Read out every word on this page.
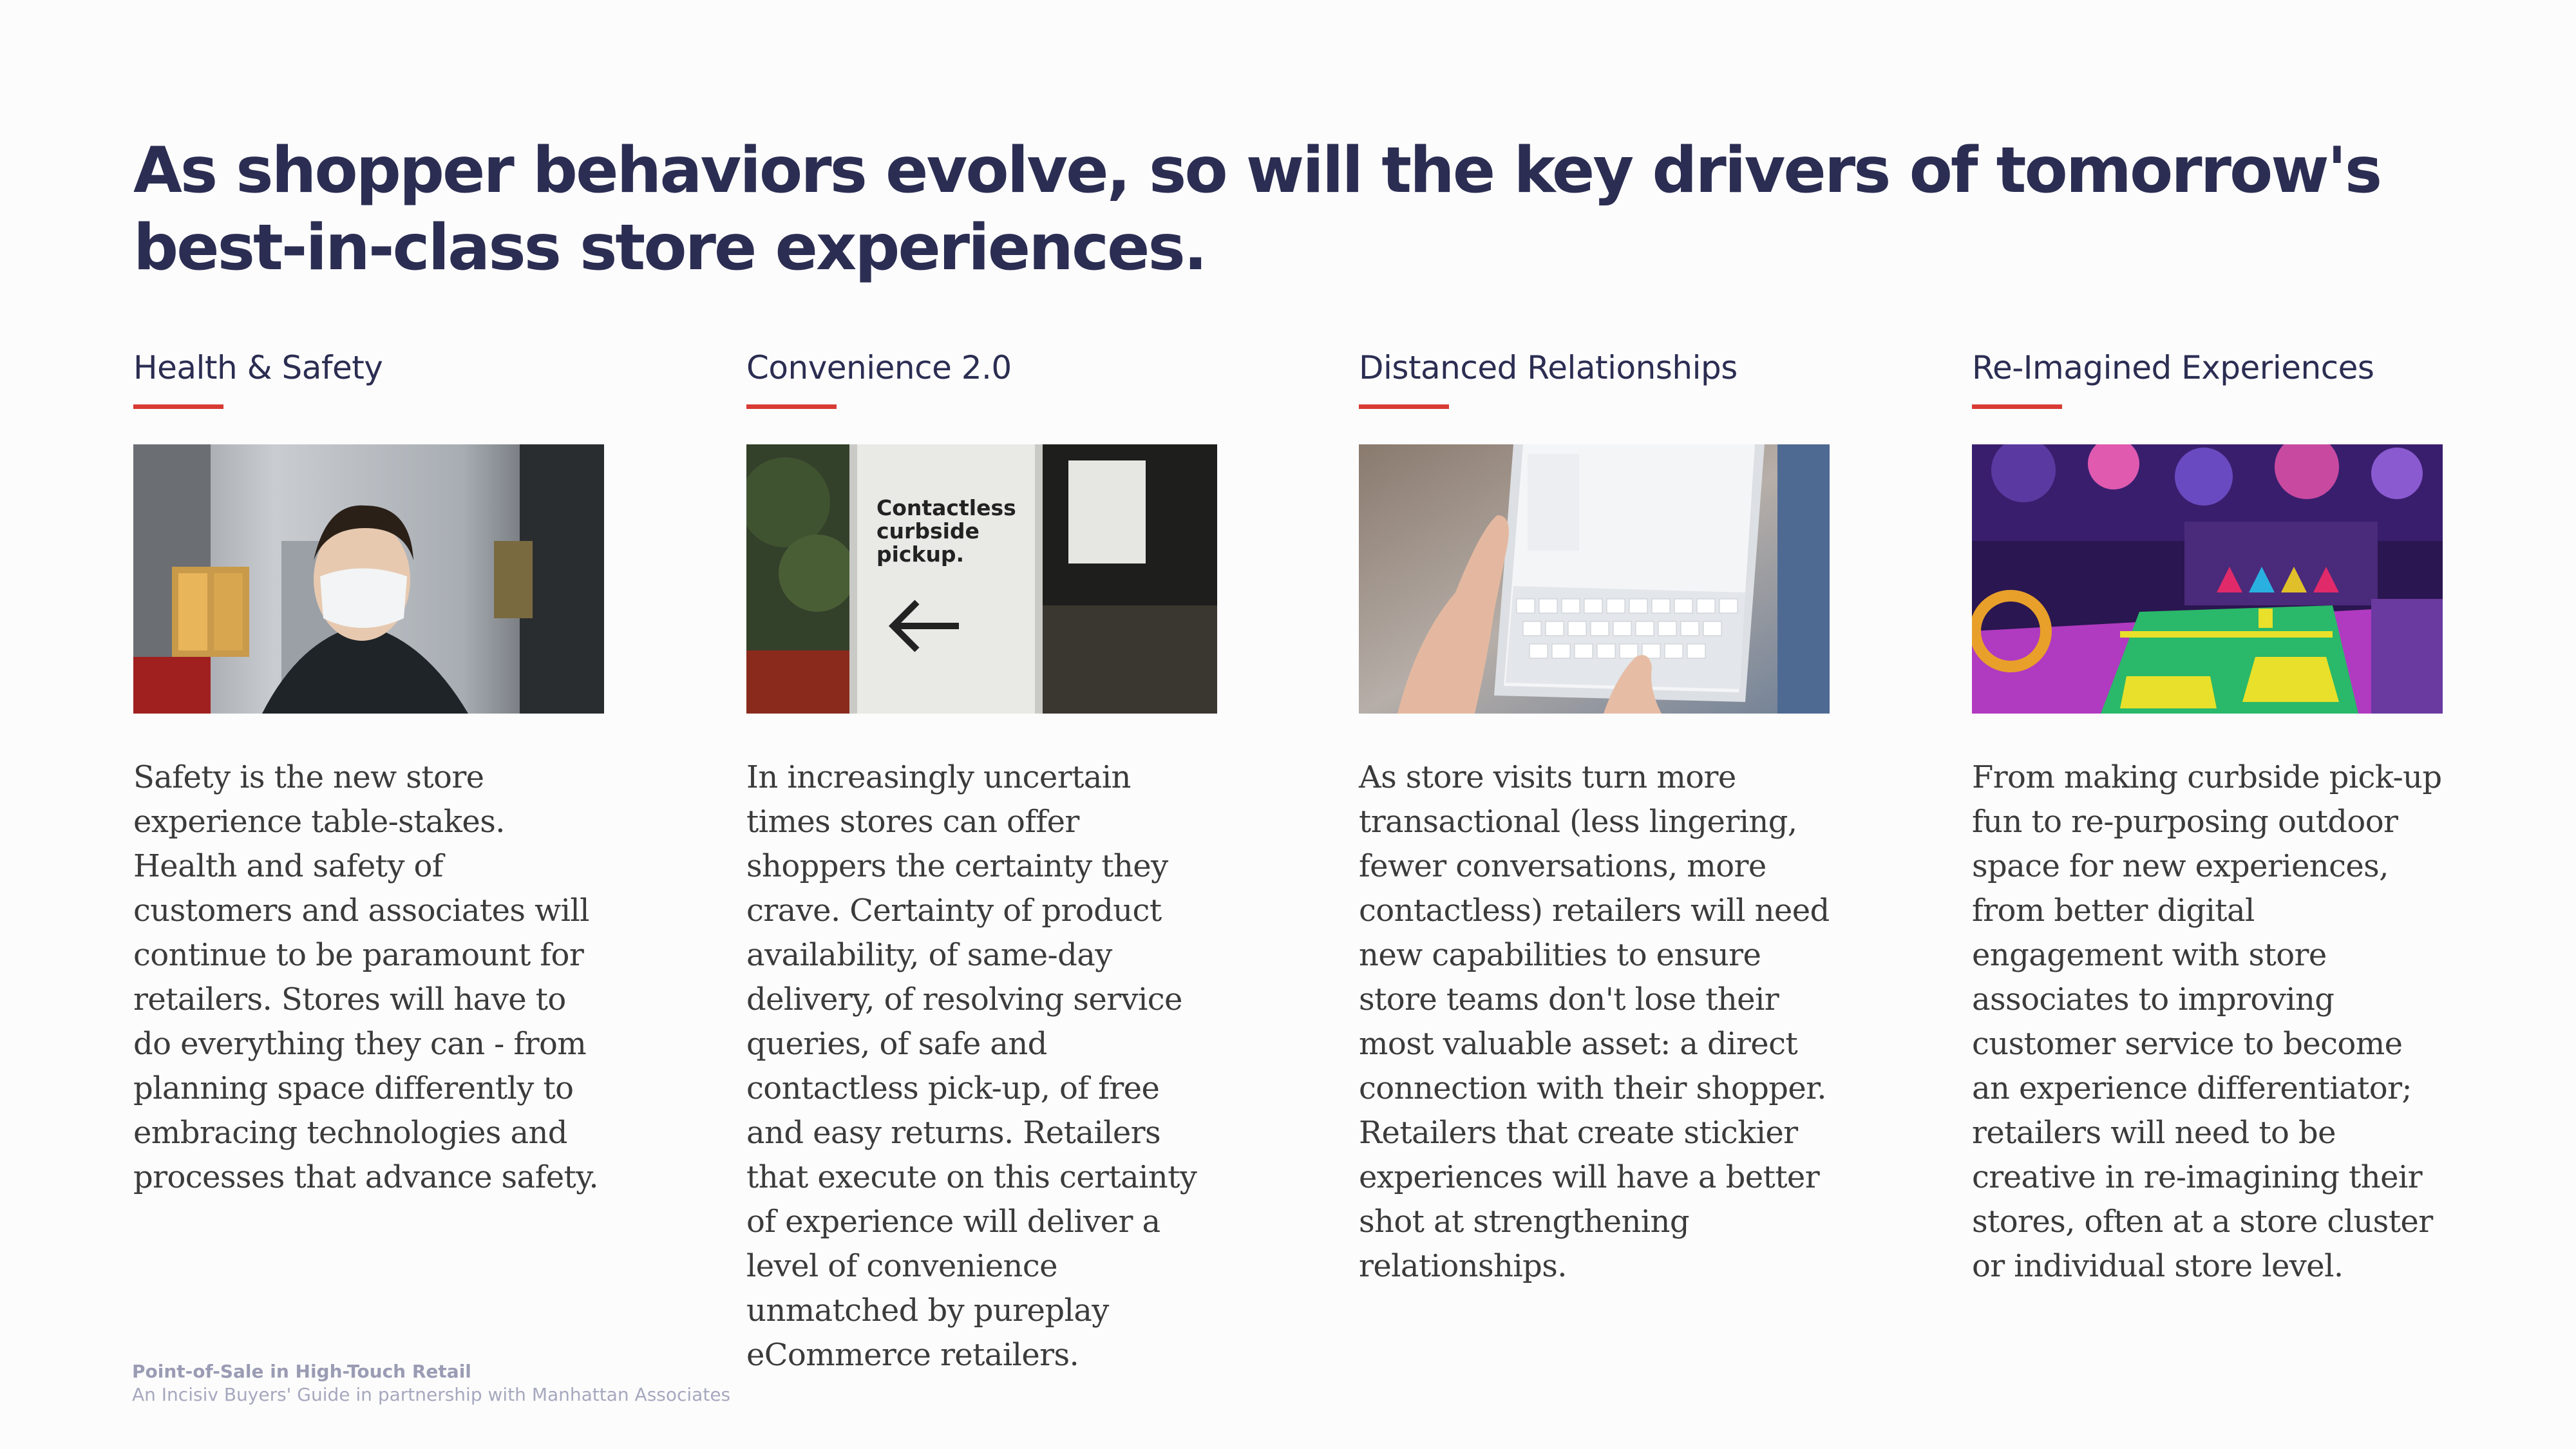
As shopper behaviors evolve, so will the key drivers of tomorrow's best-in-class store experiences.
Health & Safety
Safety is the new store experience table-stakes. Health and safety of customers and associates will continue to be paramount for retailers. Stores will have to do everything they can - from planning space differently to embracing technologies and processes that advance safety.
Convenience 2.0
Contactless
curbside
pickup.
In increasingly uncertain times stores can offer shoppers the certainty they crave. Certainty of product availability, of same-day delivery, of resolving service queries, of safe and contactless pick-up, of free and easy returns. Retailers that execute on this certainty of experience will deliver a level of convenience unmatched by pureplay eCommerce retailers.
Distanced Relationships
As store visits turn more transactional (less lingering, fewer conversations, more contactless) retailers will need new capabilities to ensure store teams don't lose their most valuable asset: a direct connection with their shopper. Retailers that create stickier experiences will have a better shot at strengthening relationships.
Re-Imagined Experiences
From making curbside pick-up fun to re-purposing outdoor space for new experiences, from better digital engagement with store associates to improving customer service to become an experience differentiator; retailers will need to be creative in re-imagining their stores, often at a store cluster or individual store level.
Point-of-Sale in High-Touch Retail
An Incisiv Buyers' Guide in partnership with Manhattan Associates
